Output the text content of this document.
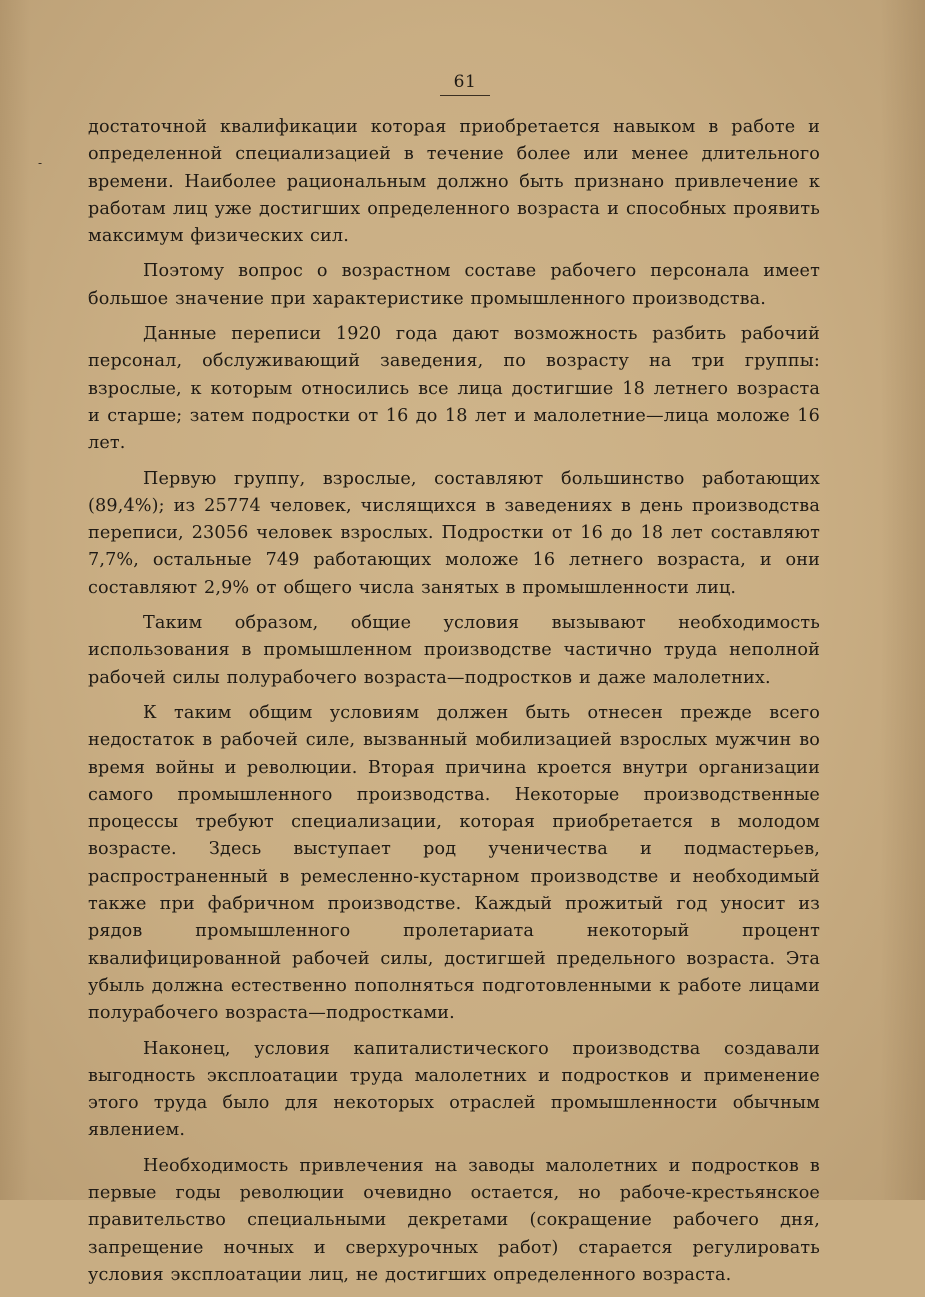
61
-

достаточной квалификации которая приобретается навыком в работе и определенной специализацией в течение более или менее длительного времени. Наиболее рациональным должно быть признано привлечение к работам лиц уже достигших определенного возраста и способных проявить максимум физических сил.

Поэтому вопрос о возрастном составе рабочего персонала имеет большое значение при характеристике промышленного производства.

Данные переписи 1920 года дают возможность разбить рабочий персонал, обслуживающий заведения, по возрасту на три группы: взрослые, к которым относились все лица достигшие 18 летнего возраста и старше; затем подростки от 16 до 18 лет и малолетние—лица моложе 16 лет.

Первую группу, взрослые, составляют большинство работающих (89,4%); из 25774 человек, числящихся в заведениях в день производства переписи, 23056 человек взрослых. Подростки от 16 до 18 лет составляют 7,7%, остальные 749 работающих моложе 16 летнего возраста, и они составляют 2,9% от общего числа занятых в промышленности лиц.

Таким образом, общие условия вызывают необходимость использования в промышленном производстве частично труда неполной рабочей силы полурабочего возраста—подростков и даже малолетних.

К таким общим условиям должен быть отнесен прежде всего недостаток в рабочей силе, вызванный мобилизацией взрослых мужчин во время войны и революции. Вторая причина кроется внутри организации самого промышленного производства. Некоторые производственные процессы требуют специализации, которая приобретается в молодом возрасте. Здесь выступает род ученичества и подмастерьев, распространенный в ремесленно-кустарном производстве и необходимый также при фабричном производстве. Каждый прожитый год уносит из рядов промышленного пролетариата некоторый процент квалифицированной рабочей силы, достигшей предельного возраста. Эта убыль должна естественно пополняться подготовленными к работе лицами полурабочего возраста—подростками.

Наконец, условия капиталистического производства создавали выгодность эксплоатации труда малолетних и подростков и применение этого труда было для некоторых отраслей промышленности обычным явлением.

Необходимость привлечения на заводы малолетних и подростков в первые годы революции очевидно остается, но рабоче-крестьянское правительство специальными декретами (сокращение рабочего дня, запрещение ночных и сверхурочных работ) старается регулировать условия эксплоатации лиц, не достигших определенного возраста.
